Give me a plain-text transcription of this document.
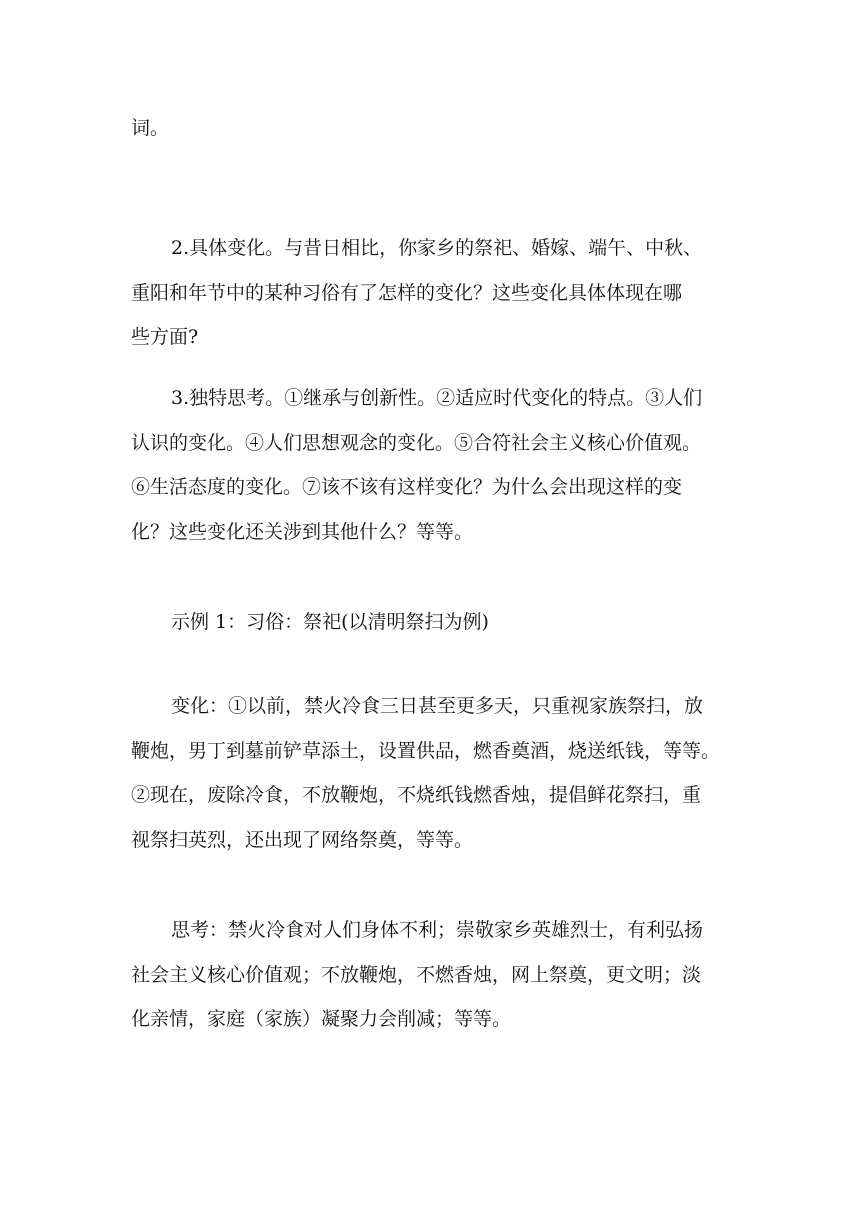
词。

2.具体变化。与昔日相比，你家乡的祭祀、婚嫁、端午、中秋、
重阳和年节中的某种习俗有了怎样的变化？这些变化具体体现在哪
些方面?

3.独特思考。①继承与创新性。②适应时代变化的特点。③人们
认识的变化。④人们思想观念的变化。⑤合符社会主义核心价值观。
⑥生活态度的变化。⑦该不该有这样变化？为什么会出现这样的变
化？这些变化还关涉到其他什么？等等。

示例 1：习俗：祭祀(以清明祭扫为例)

变化：①以前，禁火冷食三日甚至更多天，只重视家族祭扫，放
鞭炮，男丁到墓前铲草添土，设置供品，燃香奠酒，烧送纸钱，等等。
②现在，废除冷食，不放鞭炮，不烧纸钱燃香烛，提倡鲜花祭扫，重
视祭扫英烈，还出现了网络祭奠，等等。

思考：禁火冷食对人们身体不利；崇敬家乡英雄烈士，有利弘扬
社会主义核心价值观；不放鞭炮，不燃香烛，网上祭奠，更文明；淡
化亲情，家庭（家族）凝聚力会削减；等等。
